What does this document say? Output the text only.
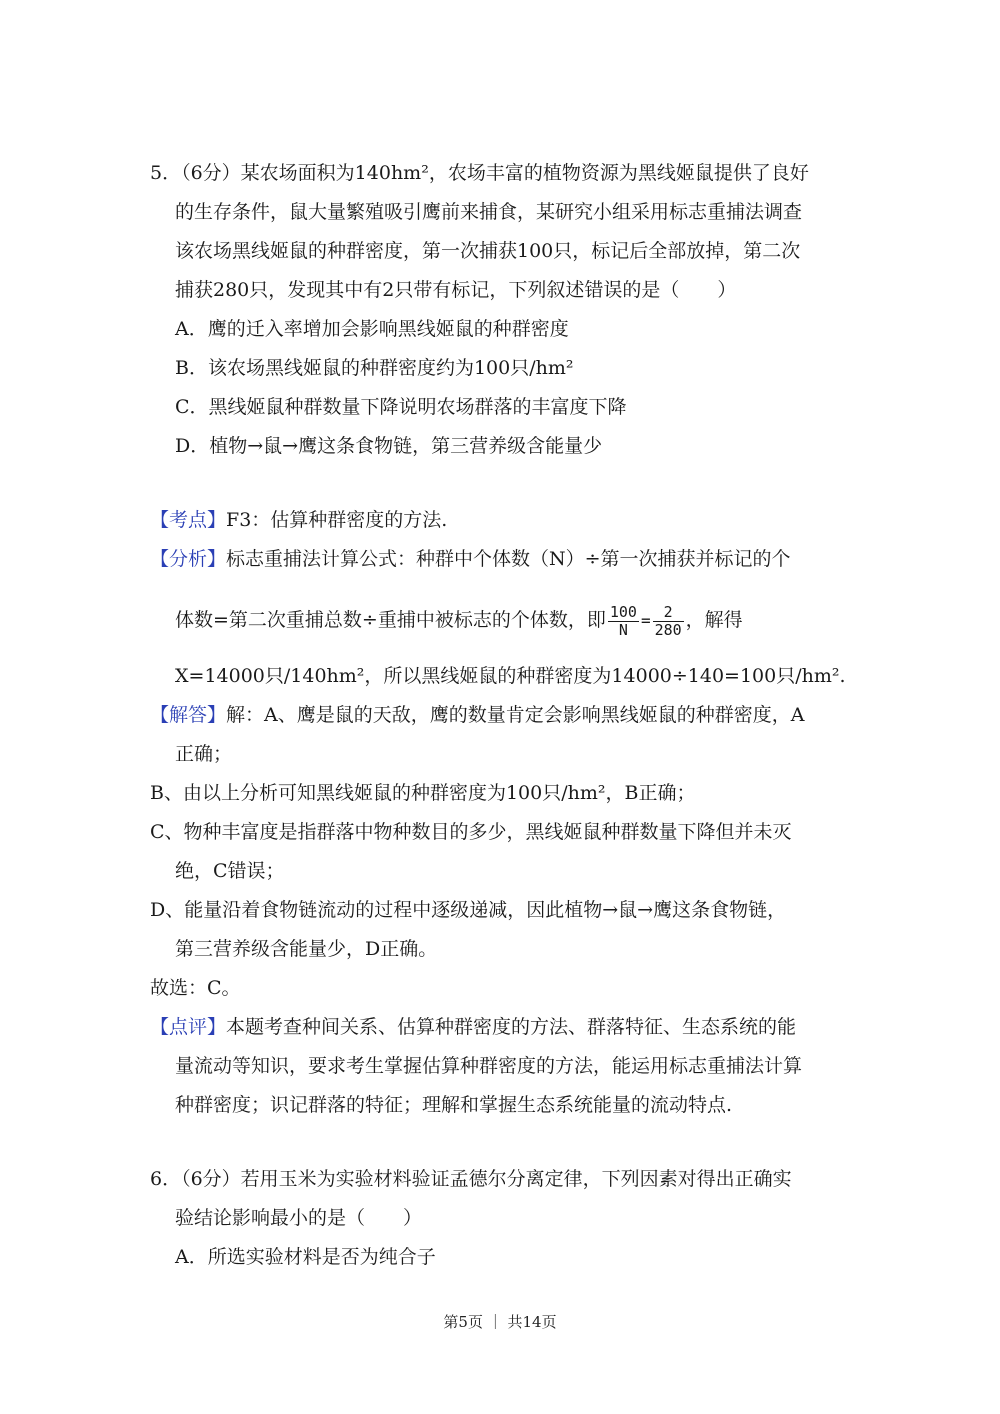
5．（6分）某农场面积为140hm²，农场丰富的植物资源为黑线姬鼠提供了良好
的生存条件，鼠大量繁殖吸引鹰前来捕食，某研究小组采用标志重捕法调查
该农场黑线姬鼠的种群密度，第一次捕获100只，标记后全部放掉，第二次
捕获280只，发现其中有2只带有标记，下列叙述错误的是（　　）
A．鹰的迁入率增加会影响黑线姬鼠的种群密度
B．该农场黑线姬鼠的种群密度约为100只/hm²
C．黑线姬鼠种群数量下降说明农场群落的丰富度下降
D．植物→鼠→鹰这条食物链，第三营养级含能量少
【考点】F3：估算种群密度的方法.
【分析】标志重捕法计算公式：种群中个体数（N）÷第一次捕获并标记的个
体数=第二次重捕总数÷重捕中被标志的个体数，即 $\frac{100}{N} = \frac{2}{280}$ ，解得
X=14000只/140hm²，所以黑线姬鼠的种群密度为14000÷140=100只/hm².
【解答】解：A、鹰是鼠的天敌，鹰的数量肯定会影响黑线姬鼠的种群密度，A
正确；
B、由以上分析可知黑线姬鼠的种群密度为100只/hm²，B正确；
C、物种丰富度是指群落中物种数目的多少，黑线姬鼠种群数量下降但并未灭
绝，C错误；
D、能量沿着食物链流动的过程中逐级递减，因此植物→鼠→鹰这条食物链，
第三营养级含能量少，D正确。
故选：C。
【点评】本题考查种间关系、估算种群密度的方法、群落特征、生态系统的能
量流动等知识，要求考生掌握估算种群密度的方法，能运用标志重捕法计算
种群密度；识记群落的特征；理解和掌握生态系统能量的流动特点.
6．（6分）若用玉米为实验材料验证孟德尔分离定律，下列因素对得出正确实
验结论影响最小的是（　　）
A．所选实验材料是否为纯合子
第5页 ｜ 共14页
